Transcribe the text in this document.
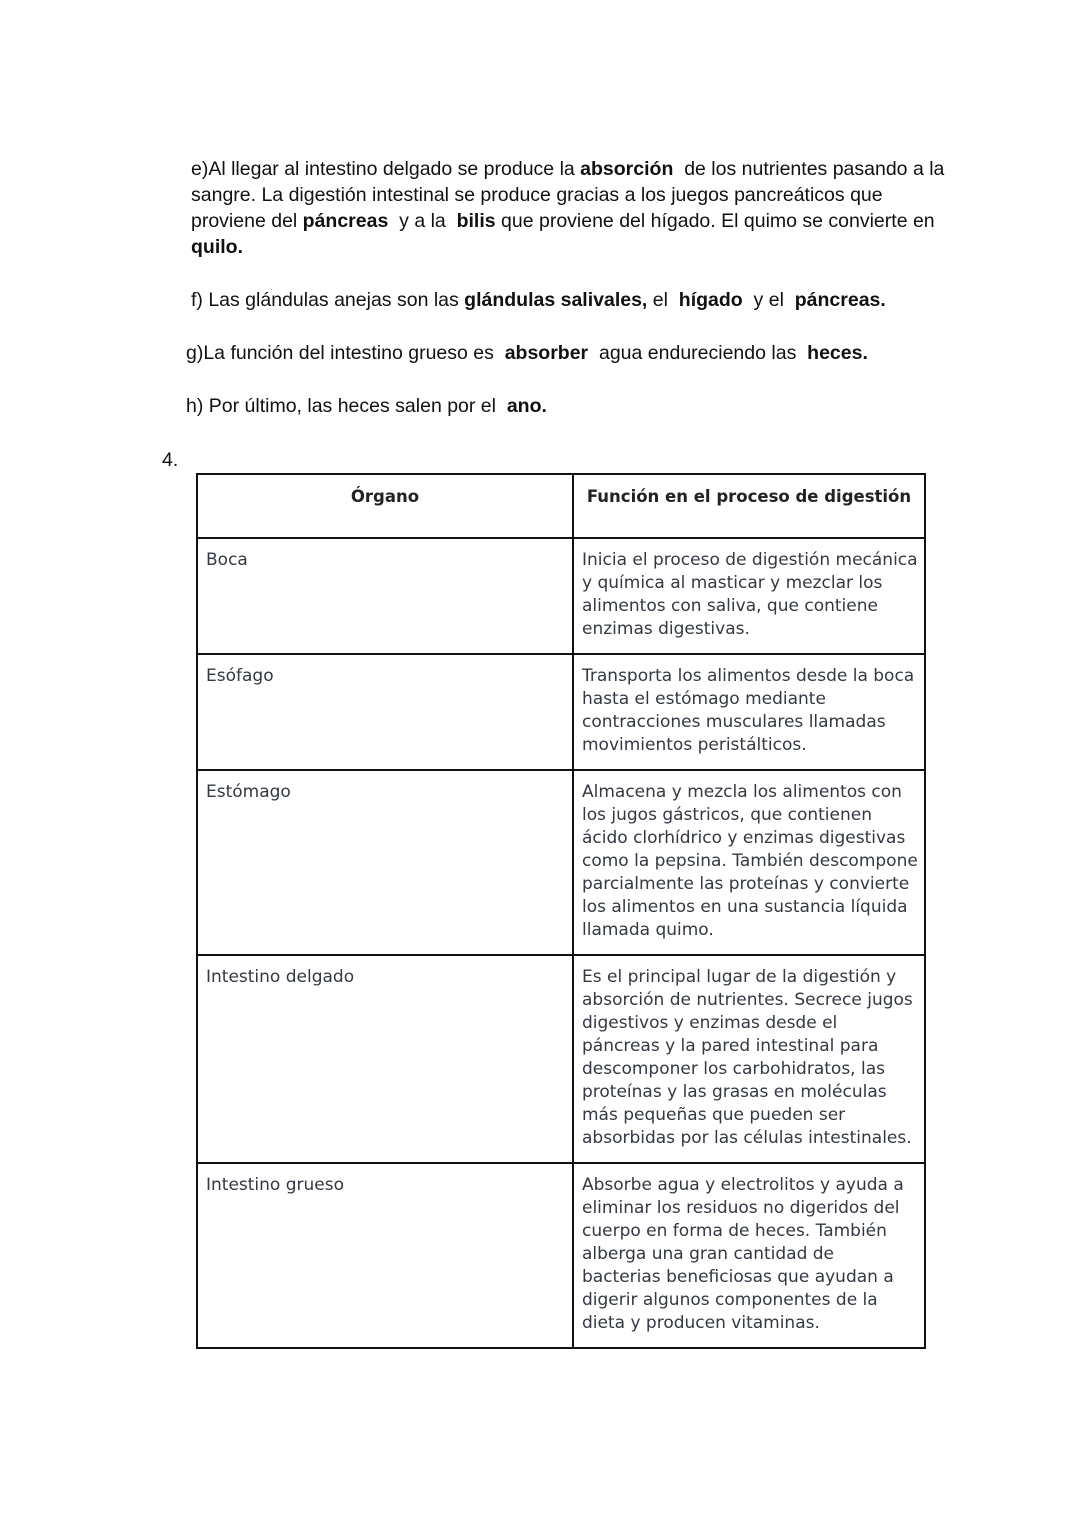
e)Al llegar al intestino delgado se produce la absorción  de los nutrientes pasando a la sangre. La digestión intestinal se produce gracias a los juegos pancreáticos que proviene del páncreas  y a la  bilis que proviene del hígado. El quimo se convierte en quilo.
f) Las glándulas anejas son las glándulas salivales, el  hígado  y el  páncreas.
g)La función del intestino grueso es  absorber  agua endureciendo las  heces.
h) Por último, las heces salen por el  ano.
4.
Órgano	Función en el proceso de digestión
Boca	Inicia el proceso de digestión mecánica y química al masticar y mezclar los alimentos con saliva, que contiene enzimas digestivas.
Esófago	Transporta los alimentos desde la boca hasta el estómago mediante contracciones musculares llamadas movimientos peristálticos.
Estómago	Almacena y mezcla los alimentos con los jugos gástricos, que contienen ácido clorhídrico y enzimas digestivas como la pepsina. También descompone parcialmente las proteínas y convierte los alimentos en una sustancia líquida llamada quimo.
Intestino delgado	Es el principal lugar de la digestión y absorción de nutrientes. Secrece jugos digestivos y enzimas desde el páncreas y la pared intestinal para descomponer los carbohidratos, las proteínas y las grasas en moléculas más pequeñas que pueden ser absorbidas por las células intestinales.
Intestino grueso	Absorbe agua y electrolitos y ayuda a eliminar los residuos no digeridos del cuerpo en forma de heces. También alberga una gran cantidad de bacterias beneficiosas que ayudan a digerir algunos componentes de la dieta y producen vitaminas.
